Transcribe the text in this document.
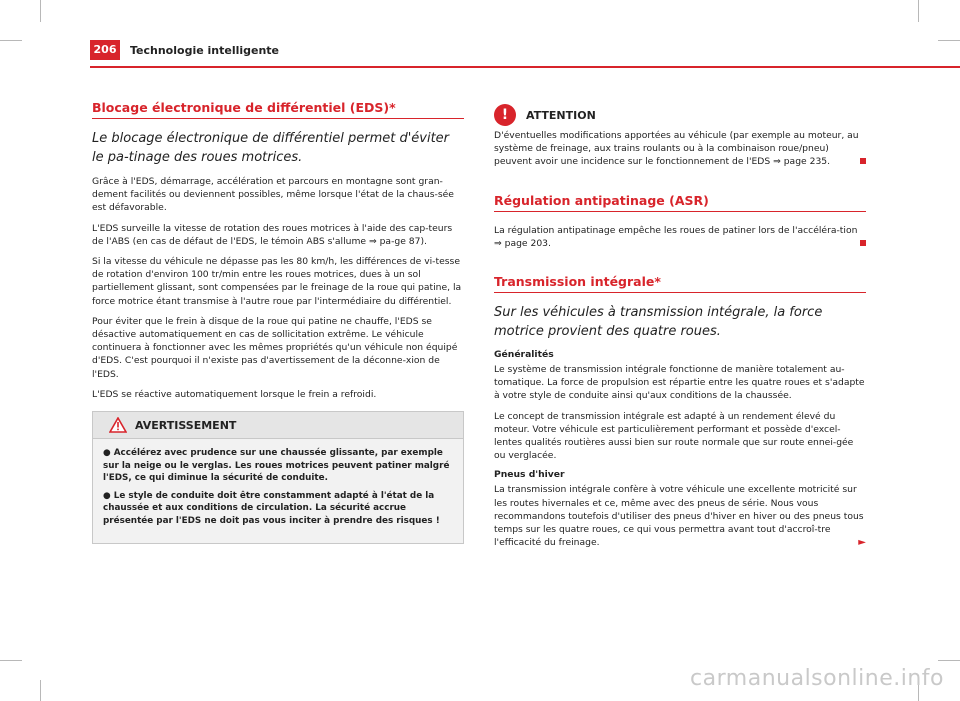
206	Technologie intelligente
Blocage électronique de différentiel (EDS)*

Le blocage électronique de différentiel permet d'éviter le pa-tinage des roues motrices.

Grâce à l'EDS, démarrage, accélération et parcours en montagne sont gran-dement facilités ou deviennent possibles, même lorsque l'état de la chaus-sée est défavorable.

L'EDS surveille la vitesse de rotation des roues motrices à l'aide des cap-teurs de l'ABS (en cas de défaut de l'EDS, le témoin ABS s'allume ⇒ pa-ge 87).

Si la vitesse du véhicule ne dépasse pas les 80 km/h, les différences de vi-tesse de rotation d'environ 100 tr/min entre les roues motrices, dues à un sol partiellement glissant, sont compensées par le freinage de la roue qui patine, la force motrice étant transmise à l'autre roue par l'intermédiaire du différentiel.

Pour éviter que le frein à disque de la roue qui patine ne chauffe, l'EDS se désactive automatiquement en cas de sollicitation extrême. Le véhicule continuera à fonctionner avec les mêmes propriétés qu'un véhicule non équipé d'EDS. C'est pourquoi il n'existe pas d'avertissement de la déconne-xion de l'EDS.

L'EDS se réactive automatiquement lorsque le frein a refroidi.

AVERTISSEMENT

● Accélérez avec prudence sur une chaussée glissante, par exemple sur la neige ou le verglas. Les roues motrices peuvent patiner malgré l'EDS, ce qui diminue la sécurité de conduite.

● Le style de conduite doit être constamment adapté à l'état de la chaussée et aux conditions de circulation. La sécurité accrue présentée par l'EDS ne doit pas vous inciter à prendre des risques !

!	ATTENTION

D'éventuelles modifications apportées au véhicule (par exemple au moteur, au système de freinage, aux trains roulants ou à la combinaison roue/pneu) peuvent avoir une incidence sur le fonctionnement de l'EDS ⇒ page 235.

Régulation antipatinage (ASR)

La régulation antipatinage empêche les roues de patiner lors de l'accéléra-tion ⇒ page 203.

Transmission intégrale*

Sur les véhicules à transmission intégrale, la force motrice provient des quatre roues.

Généralités

Le système de transmission intégrale fonctionne de manière totalement au-tomatique. La force de propulsion est répartie entre les quatre roues et s'adapte à votre style de conduite ainsi qu'aux conditions de la chaussée.

Le concept de transmission intégrale est adapté à un rendement élevé du moteur. Votre véhicule est particulièrement performant et possède d'excel-lentes qualités routières aussi bien sur route normale que sur route ennei-gée ou verglacée.

Pneus d'hiver

La transmission intégrale confère à votre véhicule une excellente motricité sur les routes hivernales et ce, même avec des pneus de série. Nous vous recommandons toutefois d'utiliser des pneus d'hiver en hiver ou des pneus tous temps sur les quatre roues, ce qui vous permettra avant tout d'accroî-tre l'efficacité du freinage.	►

carmanualsonline.info
